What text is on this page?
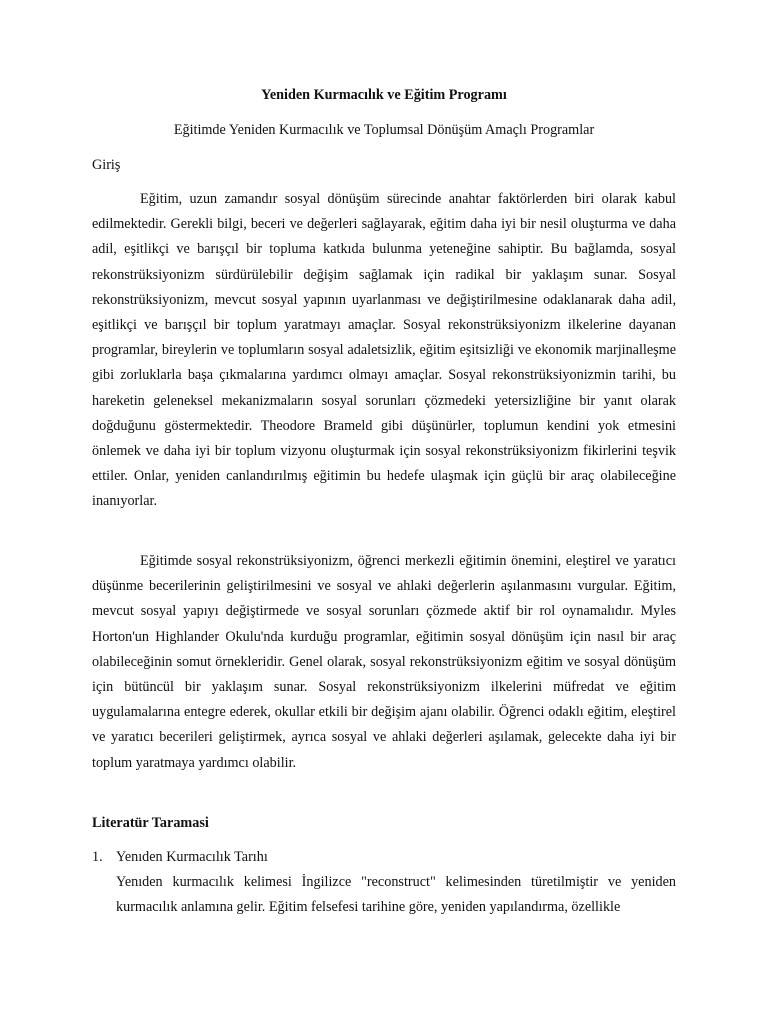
Yeniden Kurmacılık ve Eğitim Programı
Eğitimde Yeniden Kurmacılık ve Toplumsal Dönüşüm Amaçlı Programlar
Giriş

Eğitim, uzun zamandır sosyal dönüşüm sürecinde anahtar faktörlerden biri olarak kabul edilmektedir. Gerekli bilgi, beceri ve değerleri sağlayarak, eğitim daha iyi bir nesil oluşturma ve daha adil, eşitlikçi ve barışçıl bir topluma katkıda bulunma yeteneğine sahiptir. Bu bağlamda, sosyal rekonstrüksiyonizm sürdürülebilir değişim sağlamak için radikal bir yaklaşım sunar. Sosyal rekonstrüksiyonizm, mevcut sosyal yapının uyarlanması ve değiştirilmesine odaklanarak daha adil, eşitlikçi ve barışçıl bir toplum yaratmayı amaçlar. Sosyal rekonstrüksiyonizm ilkelerine dayanan programlar, bireylerin ve toplumların sosyal adaletsizlik, eğitim eşitsizliği ve ekonomik marjinalleşme gibi zorluklarla başa çıkmalarına yardımcı olmayı amaçlar. Sosyal rekonstrüksiyonizmin tarihi, bu hareketin geleneksel mekanizmaların sosyal sorunları çözmedeki yetersizliğine bir yanıt olarak doğduğunu göstermektedir. Theodore Brameld gibi düşünürler, toplumun kendini yok etmesini önlemek ve daha iyi bir toplum vizyonu oluşturmak için sosyal rekonstrüksiyonizm fikirlerini teşvik ettiler. Onlar, yeniden canlandırılmış eğitimin bu hedefe ulaşmak için güçlü bir araç olabileceğine inanıyorlar.

Eğitimde sosyal rekonstrüksiyonizm, öğrenci merkezli eğitimin önemini, eleştirel ve yaratıcı düşünme becerilerinin geliştirilmesini ve sosyal ve ahlaki değerlerin aşılanmasını vurgular. Eğitim, mevcut sosyal yapıyı değiştirmede ve sosyal sorunları çözmede aktif bir rol oynamalıdır. Myles Horton'un Highlander Okulu'nda kurduğu programlar, eğitimin sosyal dönüşüm için nasıl bir araç olabileceğinin somut örnekleridir. Genel olarak, sosyal rekonstrüksiyonizm eğitim ve sosyal dönüşüm için bütüncül bir yaklaşım sunar. Sosyal rekonstrüksiyonizm ilkelerini müfredat ve eğitim uygulamalarına entegre ederek, okullar etkili bir değişim ajanı olabilir. Öğrenci odaklı eğitim, eleştirel ve yaratıcı becerileri geliştirmek, ayrıca sosyal ve ahlaki değerleri aşılamak, gelecekte daha iyi bir toplum yaratmaya yardımcı olabilir.

Literatür Taramasi
1. Yenıden Kurmacılık Tarıhı

Yenıden kurmacılık kelimesi İngilizce "reconstruct" kelimesinden türetilmiştir ve yeniden kurmacılık anlamına gelir. Eğitim felsefesi tarihine göre, yeniden yapılandırma, özellikle
